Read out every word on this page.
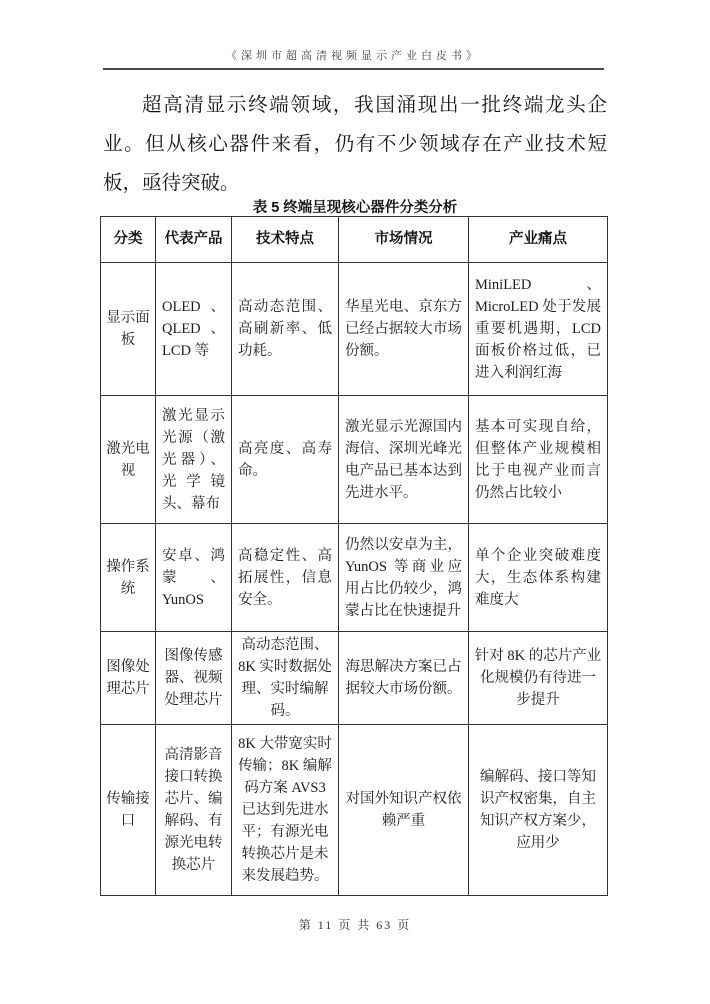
《深圳市超高清视频显示产业白皮书》
超高清显示终端领域，我国涌现出一批终端龙头企业。但从核心器件来看，仍有不少领域存在产业技术短板，亟待突破。
表 5 终端呈现核心器件分类分析
分类	代表产品	技术特点	市场情况	产业痛点
显示面板	OLED、QLED、LCD 等	高动态范围、高刷新率、低功耗。	华星光电、京东方已经占据较大市场份额。	MiniLED、MicroLED 处于发展重要机遇期，LCD 面板价格过低，已进入利润红海
激光电视	激光显示光源（激光器）、光学镜头、幕布	高亮度、高寿命。	激光显示光源国内海信、深圳光峰光电产品已基本达到先进水平。	基本可实现自给，但整体产业规模相比于电视产业而言仍然占比较小
操作系统	安卓、鸿蒙、YunOS	高稳定性、高拓展性，信息安全。	仍然以安卓为主，YunOS 等商业应用占比仍较少，鸿蒙占比在快速提升	单个企业突破难度大，生态体系构建难度大
图像处理芯片	图像传感器、视频处理芯片	高动态范围、8K 实时数据处理、实时编解码。	海思解决方案已占据较大市场份额。	针对 8K 的芯片产业化规模仍有待进一步提升
传输接口	高清影音接口转换芯片、编解码、有源光电转换芯片	8K 大带宽实时传输；8K 编解码方案 AVS3 已达到先进水平；有源光电转换芯片是未来发展趋势。	对国外知识产权依赖严重	编解码、接口等知识产权密集，自主知识产权方案少，应用少
第 11 页 共 63 页
